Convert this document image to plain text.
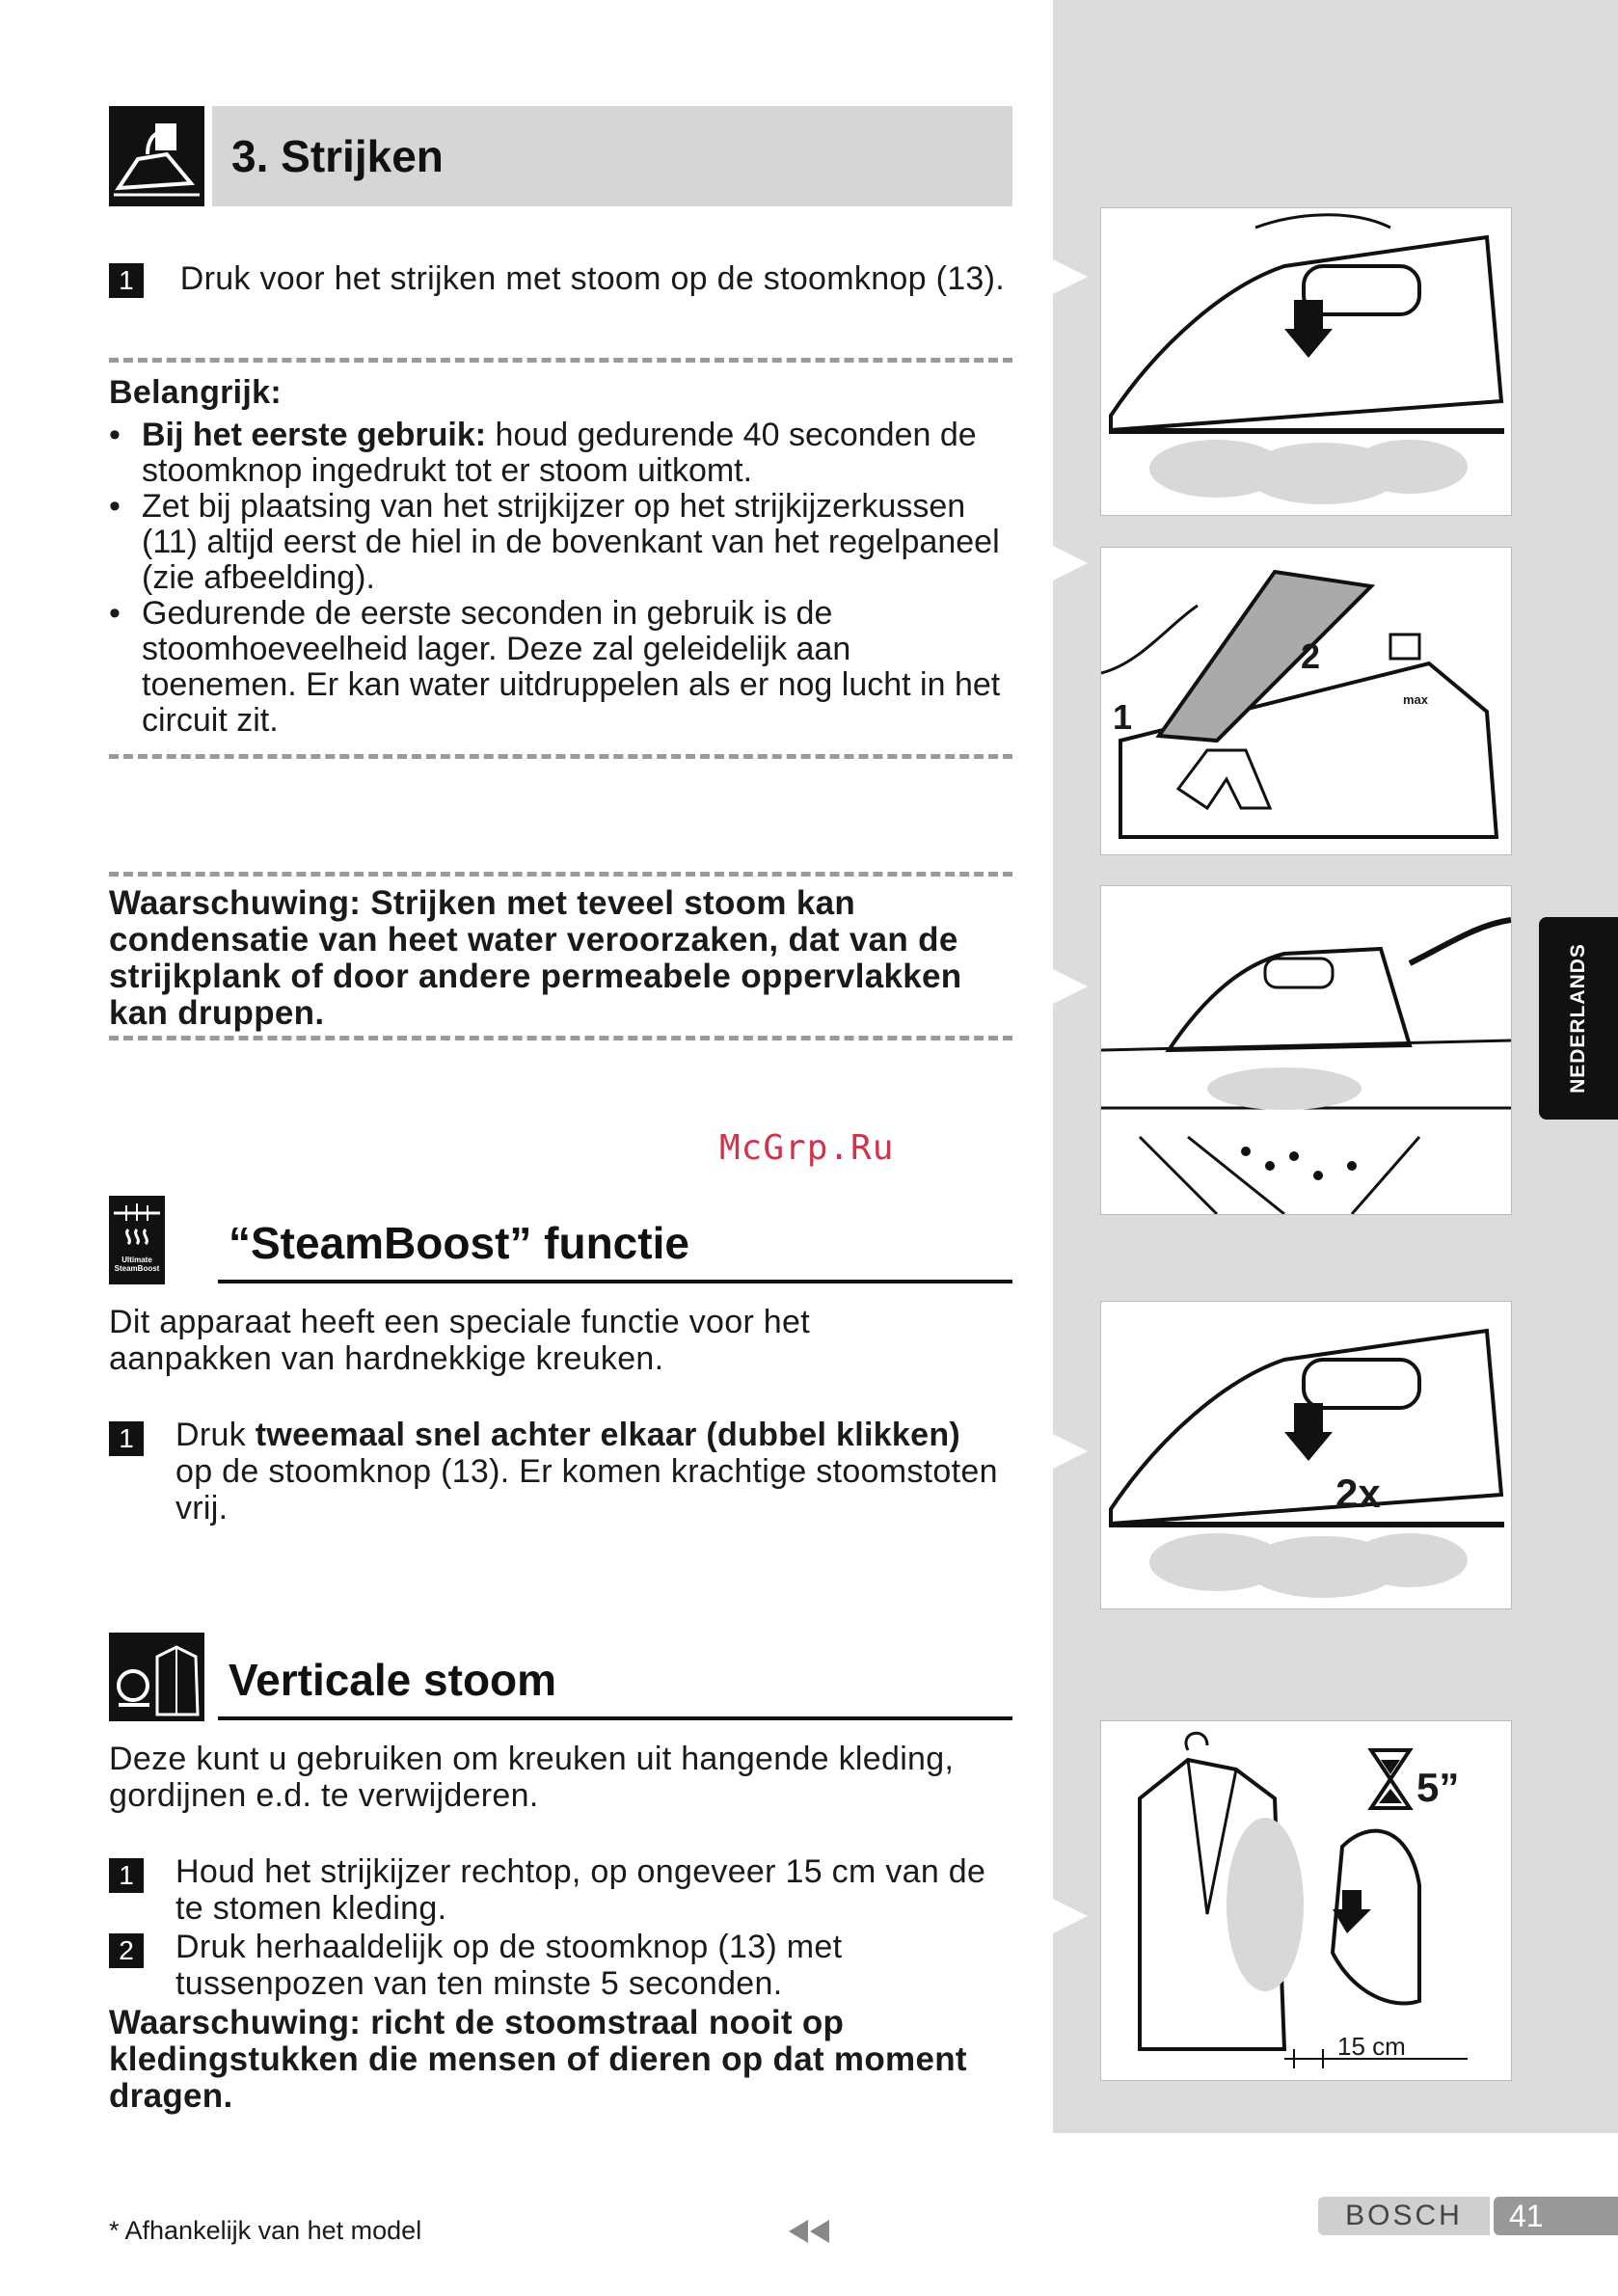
1
2
max
2x
5”
15 cm
NEDERLANDS
3. Strijken
1 Druk voor het strijken met stoom op de stoomknop (13).
Belangrijk:
• Bij het eerste gebruik: houd gedurende 40 seconden de stoomknop ingedrukt tot er stoom uitkomt.
• Zet bij plaatsing van het strijkijzer op het strijkijzerkussen (11) altijd eerst de hiel in de bovenkant van het regelpaneel (zie afbeelding).
• Gedurende de eerste seconden in gebruik is de stoomhoeveelheid lager. Deze zal geleidelijk aan toenemen. Er kan water uitdruppelen als er nog lucht in het circuit zit.
Waarschuwing: Strijken met teveel stoom kan condensatie van heet water veroorzaken, dat van de strijkplank of door andere permeabele oppervlakken kan druppen.
McGrp.Ru
Ultimate SteamBoost
“SteamBoost” functie
Dit apparaat heeft een speciale functie voor het aanpakken van hardnekkige kreuken.
1	Druk tweemaal snel achter elkaar (dubbel klikken) op de stoomknop (13). Er komen krachtige stoomstoten vrij.
Verticale stoom
Deze kunt u gebruiken om kreuken uit hangende kleding, gordijnen e.d. te verwijderen.
1	Houd het strijkijzer rechtop, op ongeveer 15 cm van de te stomen kleding.
2	Druk herhaaldelijk op de stoomknop (13) met tussenpozen van ten minste 5 seconden.
Waarschuwing: richt de stoomstraal nooit op kledingstukken die mensen of dieren op dat moment dragen.
* Afhankelijk van het model	BOSCH	41
